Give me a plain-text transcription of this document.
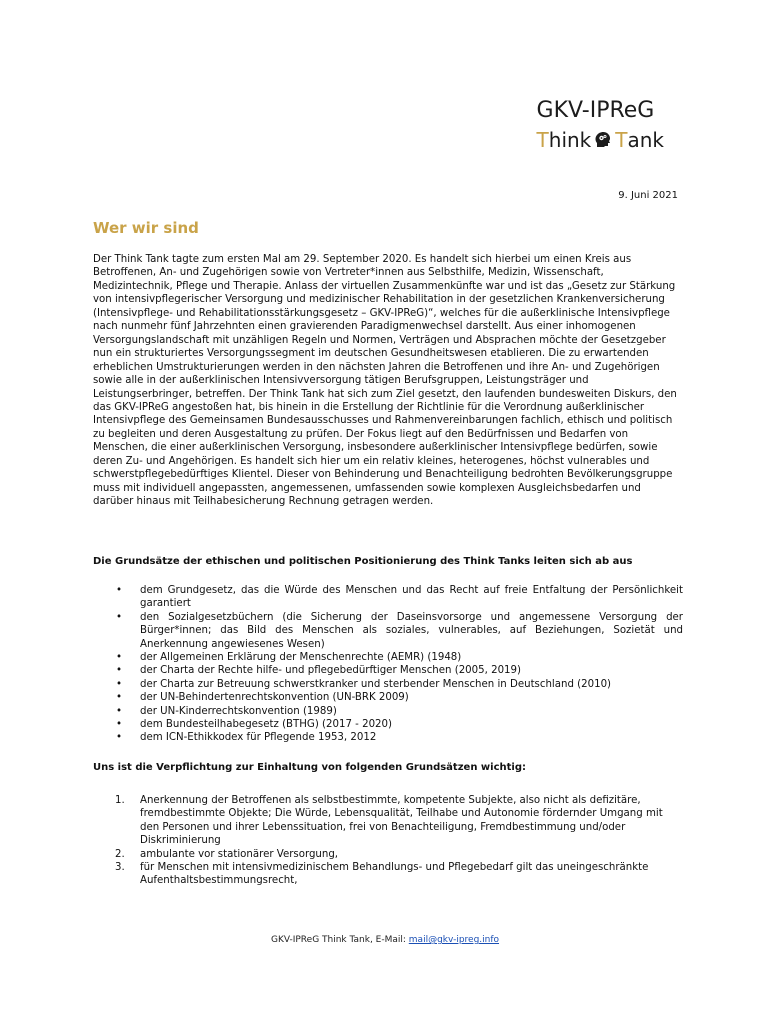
GKV-IPReG
T hink T ank
9. Juni 2021
Wer wir sind
Der Think Tank tagte zum ersten Mal am 29. September 2020. Es handelt sich hierbei um einen Kreis aus Betroffenen, An- und Zugehörigen sowie von Vertreter*innen aus Selbsthilfe, Medizin, Wissenschaft, Medizintechnik, Pflege und Therapie. Anlass der virtuellen Zusammenkünfte war und ist das „Gesetz zur Stärkung von intensivpflegerischer Versorgung und medizinischer Rehabilitation in der gesetzlichen Krankenversicherung (Intensivpflege- und Rehabilitationsstärkungsgesetz – GKV-IPReG)“, welches für die außerklinische Intensivpflege nach nunmehr fünf Jahrzehnten einen gravierenden Paradigmenwechsel darstellt. Aus einer inhomogenen Versorgungslandschaft mit unzähligen Regeln und Normen, Verträgen und Absprachen möchte der Gesetzgeber nun ein strukturiertes Versorgungssegment im deutschen Gesundheitswesen etablieren. Die zu erwartenden erheblichen Umstrukturierungen werden in den nächsten Jahren die Betroffenen und ihre An- und Zugehörigen sowie alle in der außerklinischen Intensivversorgung tätigen Berufsgruppen, Leistungsträger und Leistungserbringer, betreffen. Der Think Tank hat sich zum Ziel gesetzt, den laufenden bundesweiten Diskurs, den das GKV-IPReG angestoßen hat, bis hinein in die Erstellung der Richtlinie für die Verordnung außerklinischer Intensivpflege des Gemeinsamen Bundesausschusses und Rahmenvereinbarungen fachlich, ethisch und politisch zu begleiten und deren Ausgestaltung zu prüfen. Der Fokus liegt auf den Bedürfnissen und Bedarfen von Menschen, die einer außerklinischen Versorgung, insbesondere außerklinischer Intensivpflege bedürfen, sowie deren Zu- und Angehörigen. Es handelt sich hier um ein relativ kleines, heterogenes, höchst vulnerables und schwerstpflegebedürftiges Klientel. Dieser von Behinderung und Benachteiligung bedrohten Bevölkerungsgruppe muss mit individuell angepassten, angemessenen, umfassenden sowie komplexen Ausgleichsbedarfen und darüber hinaus mit Teilhabesicherung Rechnung getragen werden.
Die Grundsätze der ethischen und politischen Positionierung des Think Tanks leiten sich ab aus
• dem Grundgesetz, das die Würde des Menschen und das Recht auf freie Entfaltung der Persönlichkeit garantiert
• den Sozialgesetzbüchern (die Sicherung der Daseinsvorsorge und angemessene Versorgung der Bürger*innen; das Bild des Menschen als soziales, vulnerables, auf Beziehungen, Sozietät und Anerkennung angewiesenes Wesen)
• der Allgemeinen Erklärung der Menschenrechte (AEMR) (1948)
• der Charta der Rechte hilfe- und pflegebedürftiger Menschen (2005, 2019)
• der Charta zur Betreuung schwerstkranker und sterbender Menschen in Deutschland (2010)
• der UN-Behindertenrechtskonvention (UN-BRK 2009)
• der UN-Kinderrechtskonvention (1989)
• dem Bundesteilhabegesetz (BTHG) (2017 - 2020)
• dem ICN-Ethikkodex für Pflegende 1953, 2012
Uns ist die Verpflichtung zur Einhaltung von folgenden Grundsätzen wichtig:
1. Anerkennung der Betroffenen als selbstbestimmte, kompetente Subjekte, also nicht als defizitäre, fremdbestimmte Objekte; Die Würde, Lebensqualität, Teilhabe und Autonomie fördernder Umgang mit den Personen und ihrer Lebenssituation, frei von Benachteiligung, Fremdbestimmung und/oder Diskriminierung
2. ambulante vor stationärer Versorgung,
3. für Menschen mit intensivmedizinischem Behandlungs- und Pflegebedarf gilt das uneingeschränkte Aufenthaltsbestimmungsrecht,
GKV-IPReG Think Tank, E-Mail: mail@gkv-ipreg.info
